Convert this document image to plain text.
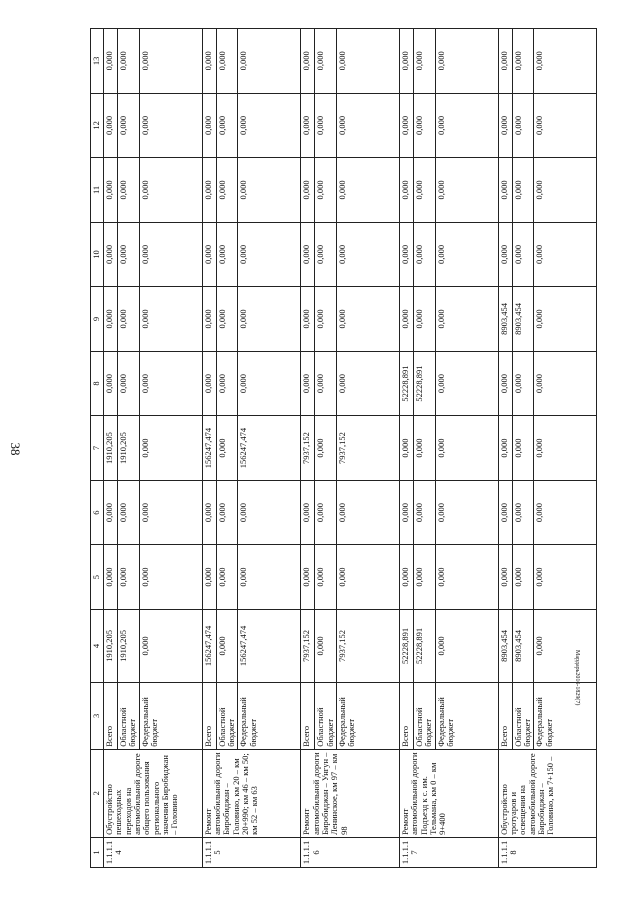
38
Мардарь2016-1829(7)
1	2	3	4	5	6	7	8	9	10	11	12	13
1.1.1.14	Обустройство пешеходных переходов на автомобильной дороге общего пользования регионального значения Биробиджан – Головино	Всего	1910,205	0,000	0,000	1910,205	0,000	0,000	0,000	0,000	0,000	0,000
		Областной бюджет	1910,205	0,000	0,000	1910,205	0,000	0,000	0,000	0,000	0,000	0,000
		Федеральный бюджет	0,000	0,000	0,000	0,000	0,000	0,000	0,000	0,000	0,000	0,000
1.1.1.15	Ремонт автомобильной дороги Биробиджан – Головино, км 20 – км 20+990; км 46 – км 50; км 52 – км 63	Всего	156247,474	0,000	0,000	156247,474	0,000	0,000	0,000	0,000	0,000	0,000
		Областной бюджет	0,000	0,000	0,000	0,000	0,000	0,000	0,000	0,000	0,000	0,000
		Федеральный бюджет	156247,474	0,000	0,000	156247,474	0,000	0,000	0,000	0,000	0,000	0,000
1.1.1.16	Ремонт автомобильной дороги Биробиджан – Унгун – Ленинское, км 97 – км 98	Всего	7937,152	0,000	0,000	7937,152	0,000	0,000	0,000	0,000	0,000	0,000
		Областной бюджет	0,000	0,000	0,000	0,000	0,000	0,000	0,000	0,000	0,000	0,000
		Федеральный бюджет	7937,152	0,000	0,000	7937,152	0,000	0,000	0,000	0,000	0,000	0,000
1.1.1.17	Ремонт автомобильной дороги Подъезд к с. им. Тельмана, км 0 – км 9+400	Всего	52228,891	0,000	0,000	0,000	52228,891	0,000	0,000	0,000	0,000	0,000
		Областной бюджет	52228,891	0,000	0,000	0,000	52228,891	0,000	0,000	0,000	0,000	0,000
		Федеральный бюджет	0,000	0,000	0,000	0,000	0,000	0,000	0,000	0,000	0,000	0,000
1.1.1.18	Обустройство тротуаров и освещения на автомобильной дороге Биробиджан – Головино, км 7+150 –	Всего	8903,454	0,000	0,000	0,000	0,000	8903,454	0,000	0,000	0,000	0,000
		Областной бюджет	8903,454	0,000	0,000	0,000	0,000	8903,454	0,000	0,000	0,000	0,000
		Федеральный бюджет	0,000	0,000	0,000	0,000	0,000	0,000	0,000	0,000	0,000	0,000
